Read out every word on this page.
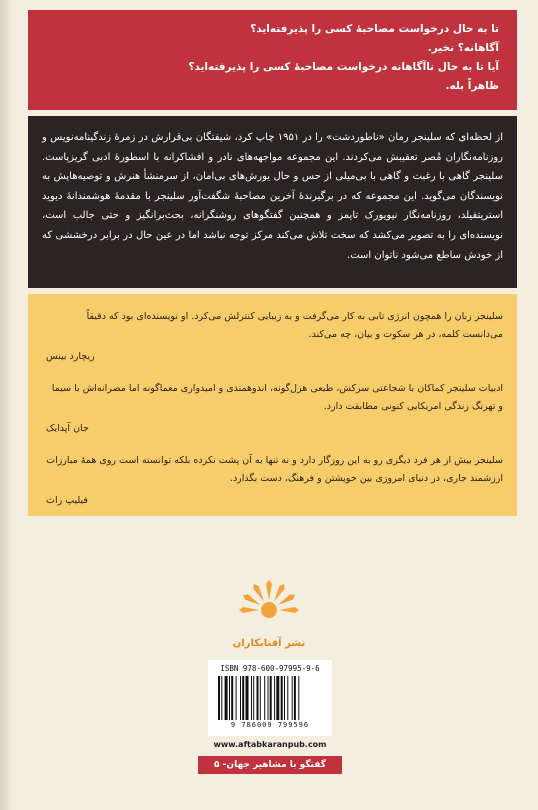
تا به حال درخواست مصاحبهٔ کسی را پذیرفته‌اید؟

آگاهانه؟ نخیر.

آیا تا به حال ناآگاهانه درخواست مصاحبهٔ کسی را پذیرفته‌اید؟

ظاهراً بله.

از لحظه‌ای که سلینجر رمان «ناطوردشت» را در ۱۹۵۱ چاپ کرد، شیفتگان بی‌قرارش در زمرهٔ زندگینامه‌نویس و روزنامه‌نگاران مُصر تعقیبش می‌کردند. این مجموعه مواجهه‌های نادر و افشاکرانه با اسطورهٔ ادبی گریزپاست. سلینجر گاهی با رغبت و گاهی با بی‌میلی از حس و حال یورش‌های بی‌امان، از سرمنشأ هنرش و توصیه‌هایش به نویسندگان می‌گوید. این مجموعه که در برگیرندهٔ آخرین مصاحبهٔ شگفت‌آور سلینجر با مقدمهٔ هوشمندانهٔ دیوید استریتفیلد، روزنامه‌نگار نیویورک تایمز و همچنین گفتگوهای روشنگرانه، بحث‌برانگیز و حتی جالب است، نویسنده‌ای را به تصویر می‌کشد که سخت تلاش می‌کند مرکز توجه نباشد اما در عین حال در برابر درخششی که از خودش ساطع می‌شود ناتوان است.

سلینجر زبان را همچون انرژی تابی به کار می‌گرفت و به زیبایی کنترلش می‌کرد. او نویسنده‌ای بود که دقیقاً می‌دانست کلمه، در هر سکوت و بیان، چه می‌کند.

ریچارد بینس

ادبیات سلینجر کماکان با شجاعتی سرکش، طبعی هزل‌گونه، اندوهمندی و امیدواری معماگونه اما مصرانه‌اش با سیما و تهرنگ زندگی امریکایی کنونی مطابقت دارد.

جان آپدایک

سلینجر بیش از هر فرد دیگری رو به این روزگار دارد و نه تنها به آن پشت نکرده بلکه توانسته است روی همهٔ مبارزات ارزشمند جاری، در دنیای امروزی بین خویشتن و فرهنگ، دست بگذارد.

فیلیپ راث

نشر آفتابکاران
ISBN 978-600-97995-9-6
9 786009 799596
www.aftabkaranpub.com
گفتگو با مشاهیر جهان- ۵
